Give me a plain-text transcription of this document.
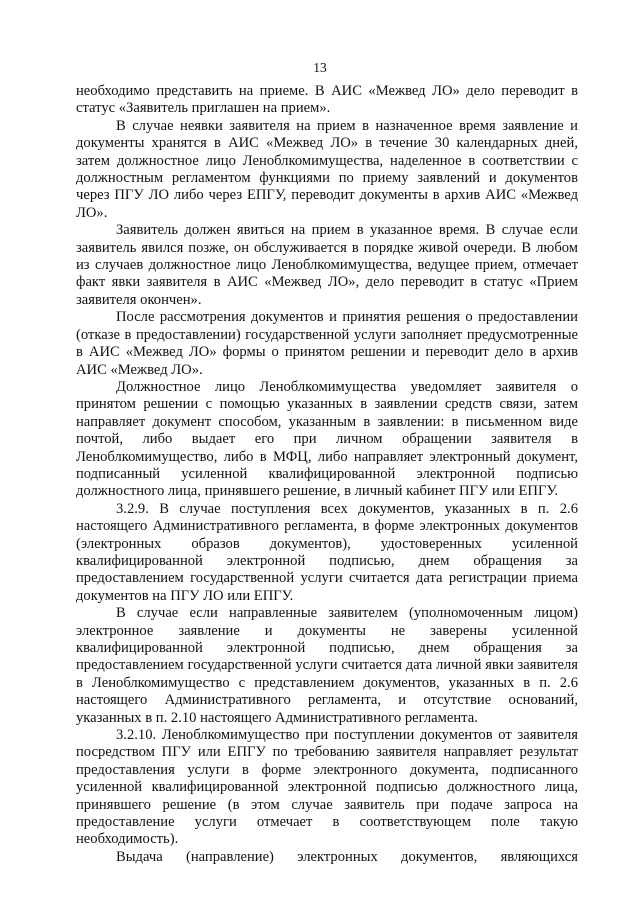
13

необходимо представить на приеме. В АИС «Межвед ЛО» дело переводит в статус «Заявитель приглашен на прием».

В случае неявки заявителя на прием в назначенное время заявление и документы хранятся в АИС «Межвед ЛО» в течение 30 календарных дней, затем должностное лицо Леноблкомимущества, наделенное в соответствии с должностным регламентом функциями по приему заявлений и документов через ПГУ ЛО либо через ЕПГУ, переводит документы в архив АИС «Межвед ЛО».

Заявитель должен явиться на прием в указанное время. В случае если заявитель явился позже, он обслуживается в порядке живой очереди. В любом из случаев должностное лицо Леноблкомимущества, ведущее прием, отмечает факт явки заявителя в АИС «Межвед ЛО», дело переводит в статус «Прием заявителя окончен».

После рассмотрения документов и принятия решения о предоставлении (отказе в предоставлении) государственной услуги заполняет предусмотренные в АИС «Межвед ЛО» формы о принятом решении и переводит дело в архив АИС «Межвед ЛО».

Должностное лицо Леноблкомимущества уведомляет заявителя о принятом решении с помощью указанных в заявлении средств связи, затем направляет документ способом, указанным в заявлении: в письменном виде почтой, либо выдает его при личном обращении заявителя в Леноблкомимущество, либо в МФЦ, либо направляет электронный документ, подписанный усиленной квалифицированной электронной подписью должностного лица, принявшего решение, в личный кабинет ПГУ или ЕПГУ.

3.2.9. В случае поступления всех документов, указанных в п. 2.6 настоящего Административного регламента, в форме электронных документов (электронных образов документов), удостоверенных усиленной квалифицированной электронной подписью, днем обращения за предоставлением государственной услуги считается дата регистрации приема документов на ПГУ ЛО или ЕПГУ.

В случае если направленные заявителем (уполномоченным лицом) электронное заявление и документы не заверены усиленной квалифицированной электронной подписью, днем обращения за предоставлением государственной услуги считается дата личной явки заявителя в Леноблкомимущество с представлением документов, указанных в п. 2.6 настоящего Административного регламента, и отсутствие оснований, указанных в п. 2.10 настоящего Административного регламента.

3.2.10. Леноблкомимущество при поступлении документов от заявителя посредством ПГУ или ЕПГУ по требованию заявителя направляет результат предоставления услуги в форме электронного документа, подписанного усиленной квалифицированной электронной подписью должностного лица, принявшего решение (в этом случае заявитель при подаче запроса на предоставление услуги отмечает в соответствующем поле такую необходимость).

Выдача (направление) электронных документов, являющихся
